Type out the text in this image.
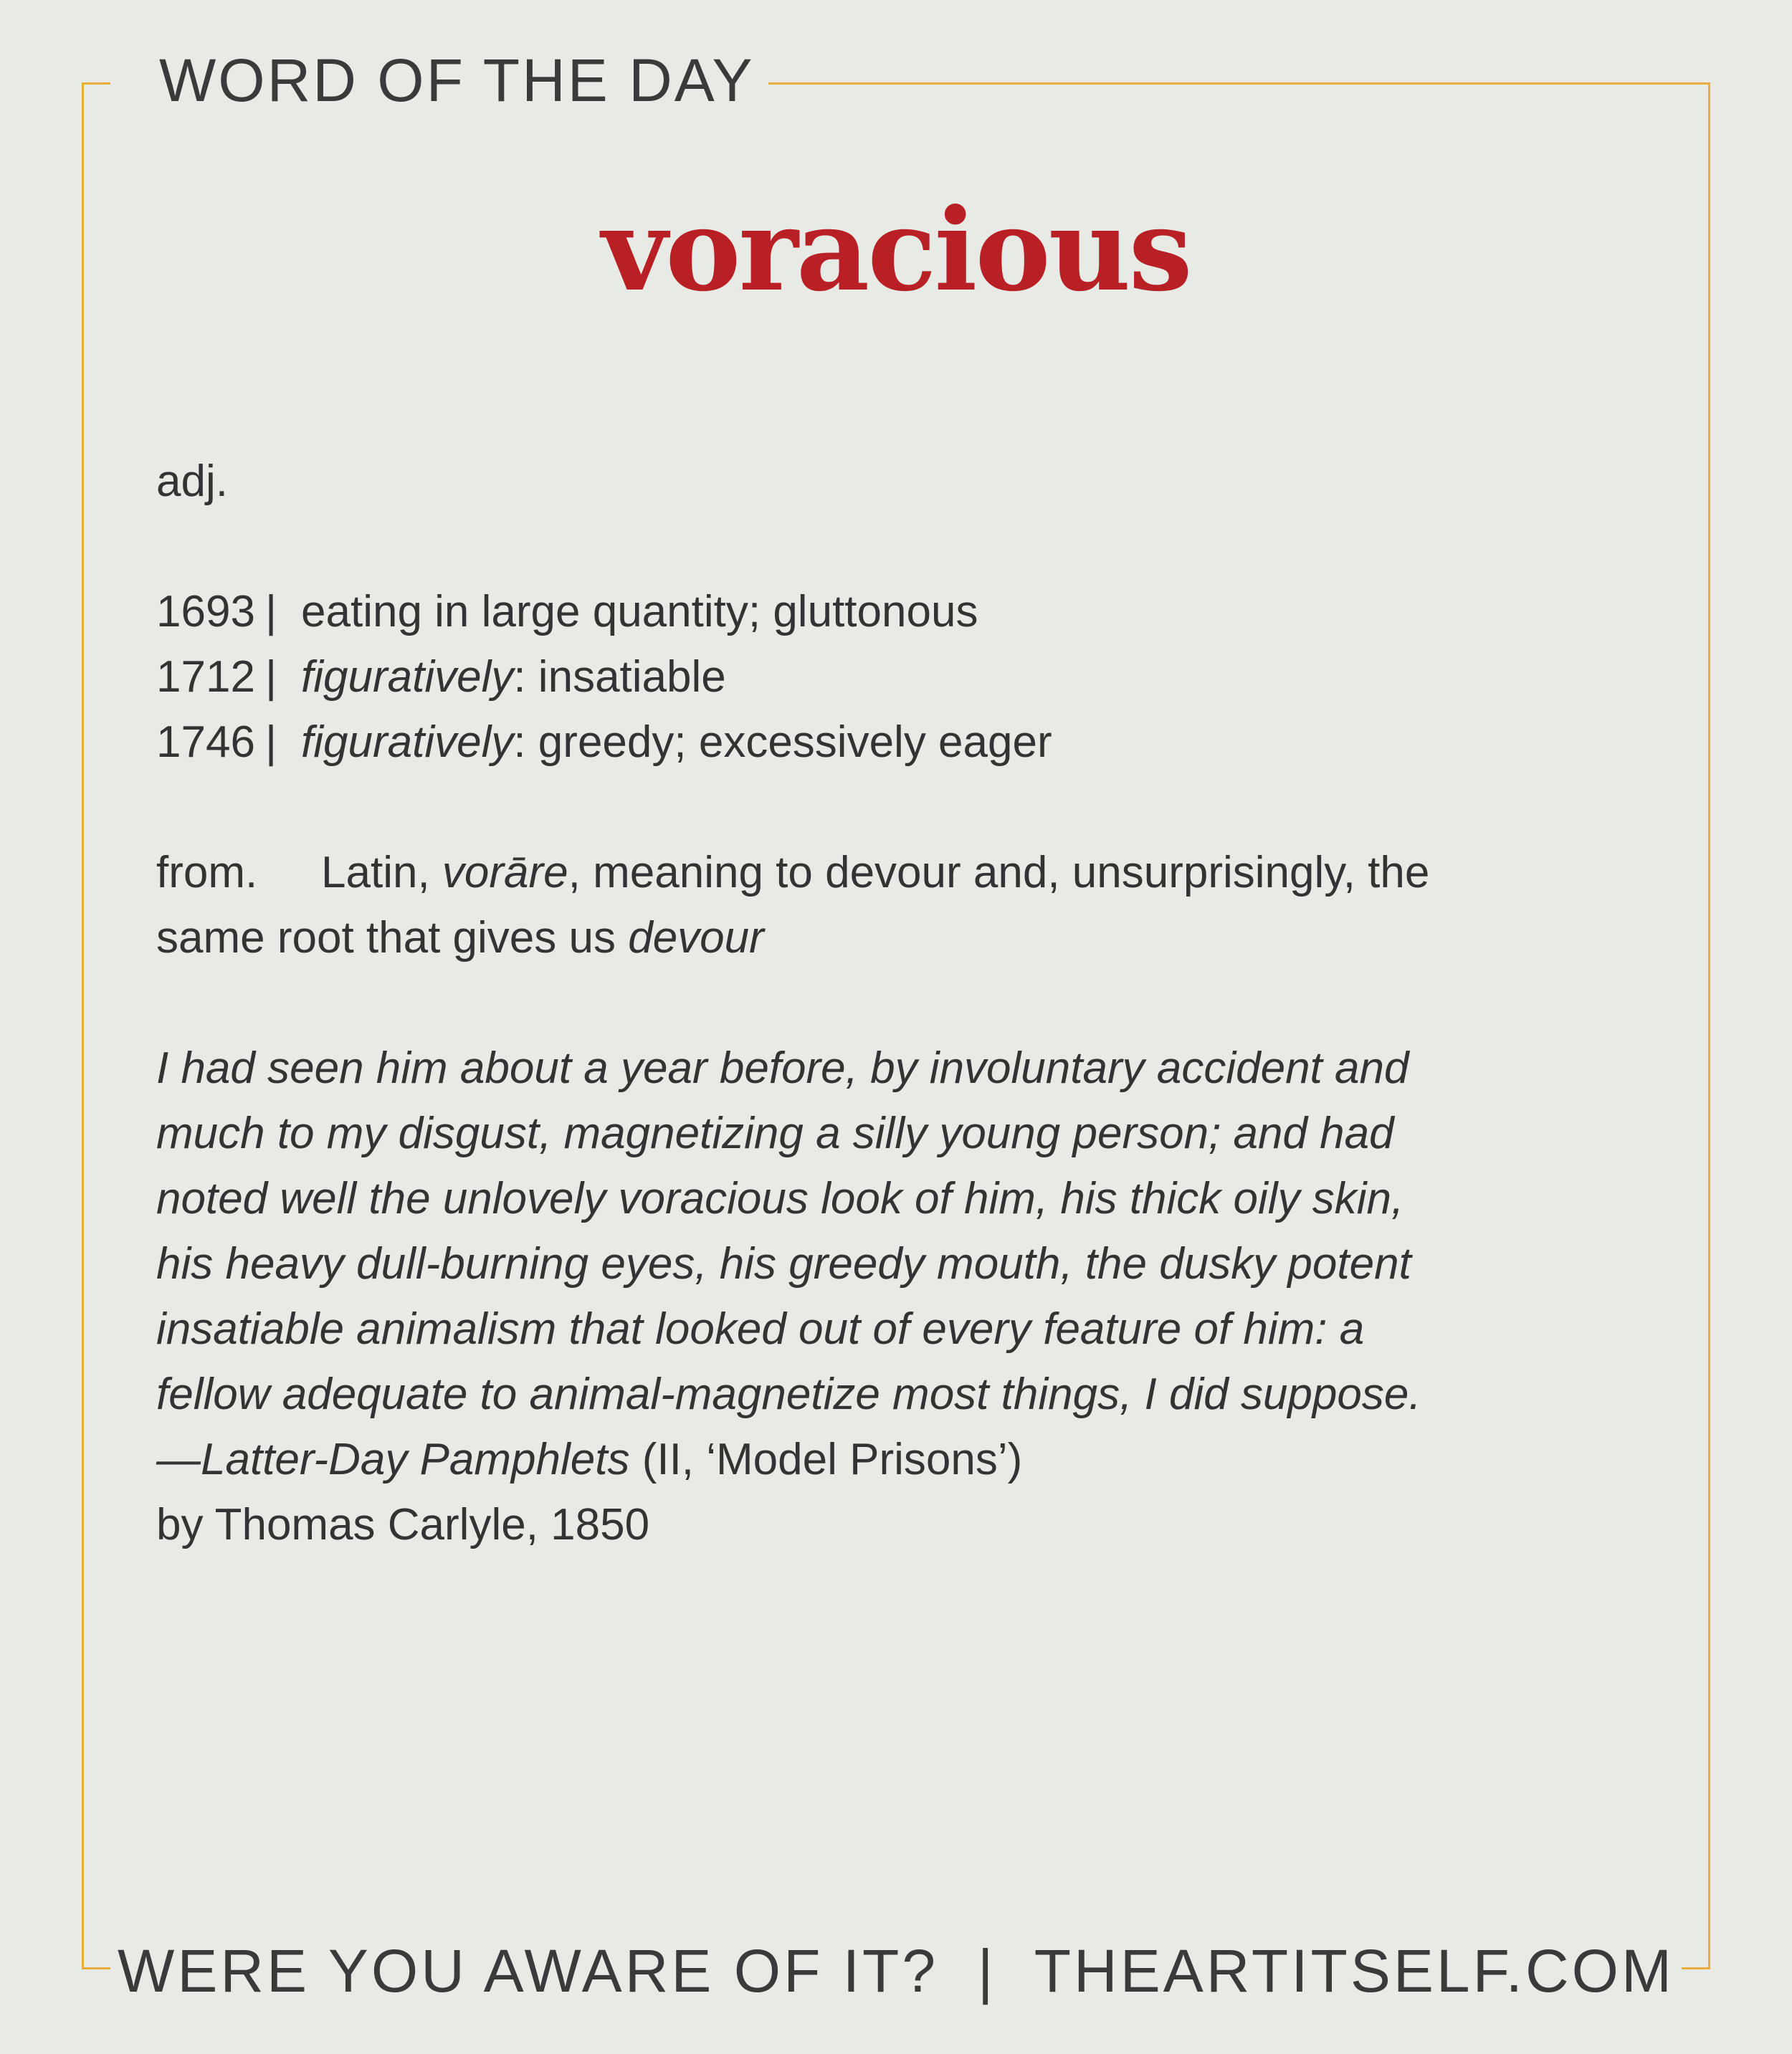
WORD OF THE DAY
voracious
adj.
1693 | eating in large quantity; gluttonous
1712 | figuratively: insatiable
1746 | figuratively: greedy; excessively eager
from. Latin, vorāre, meaning to devour and, unsurprisingly, the
same root that gives us devour
I had seen him about a year before, by involuntary accident and
much to my disgust, magnetizing a silly young person; and had
noted well the unlovely voracious look of him, his thick oily skin,
his heavy dull-burning eyes, his greedy mouth, the dusky potent
insatiable animalism that looked out of every feature of him: a
fellow adequate to animal-magnetize most things, I did suppose.
—Latter-Day Pamphlets (II, ‘Model Prisons’)
by Thomas Carlyle, 1850
WERE YOU AWARE OF IT?  |  THEARTITSELF.COM
